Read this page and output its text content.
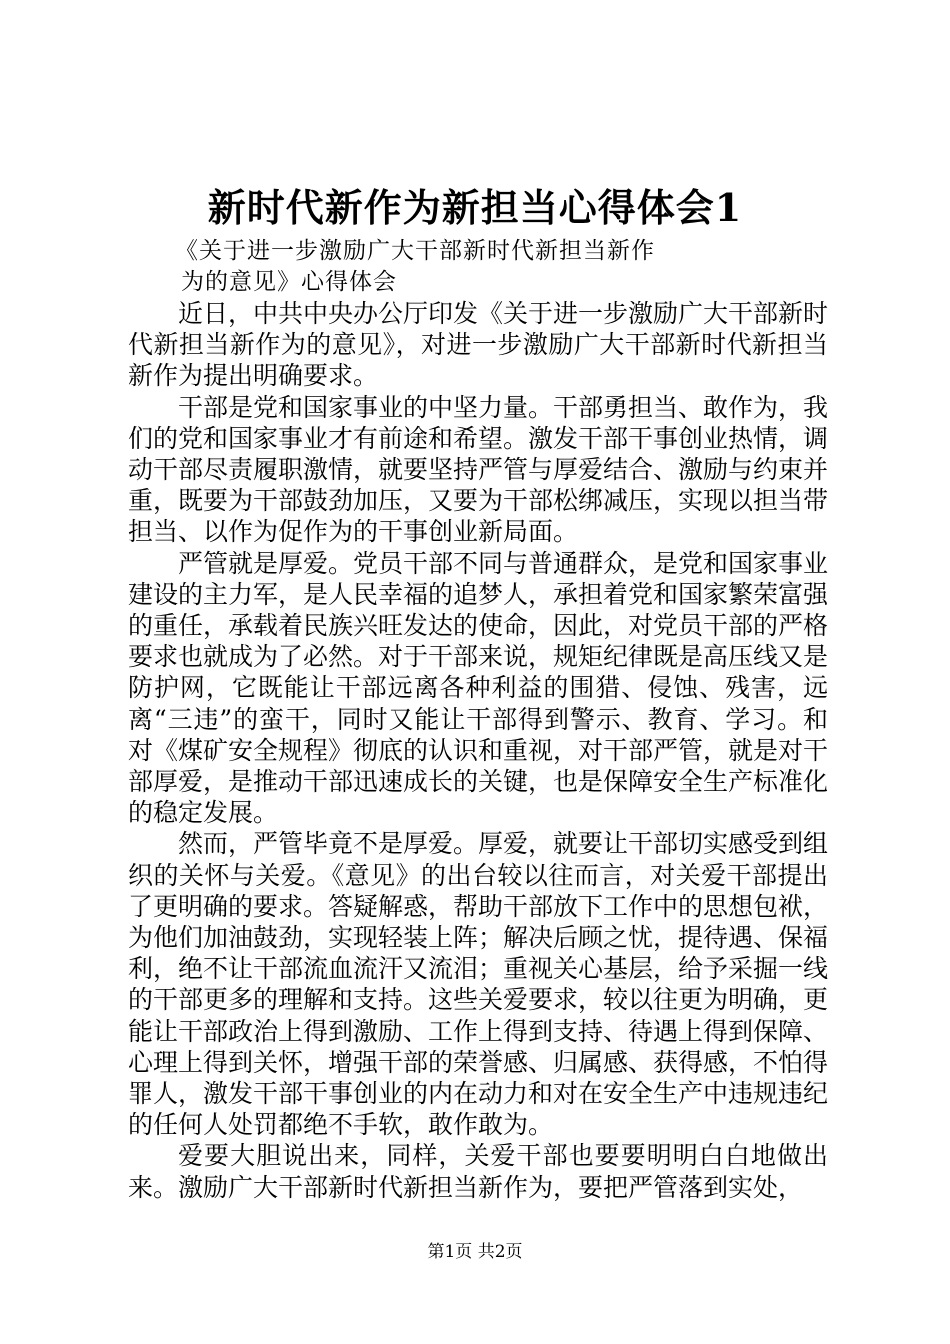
新时代新作为新担当心得体会1
《关于进一步激励广大干部新时代新担当新作
为的意见》心得体会

近日，中共中央办公厅印发《关于进一步激励广大干部新时代新担当新作为的意见》，对进一步激励广大干部新时代新担当新作为提出明确要求。

干部是党和国家事业的中坚力量。干部勇担当、敢作为，我们的党和国家事业才有前途和希望。激发干部干事创业热情，调动干部尽责履职激情，就要坚持严管与厚爱结合、激励与约束并重，既要为干部鼓劲加压，又要为干部松绑减压，实现以担当带担当、以作为促作为的干事创业新局面。

严管就是厚爱。党员干部不同与普通群众，是党和国家事业建设的主力军，是人民幸福的追梦人，承担着党和国家繁荣富强的重任，承载着民族兴旺发达的使命，因此，对党员干部的严格要求也就成为了必然。对于干部来说，规矩纪律既是高压线又是防护网，它既能让干部远离各种利益的围猎、侵蚀、残害，远离“三违”的蛮干，同时又能让干部得到警示、教育、学习。和对《煤矿安全规程》彻底的认识和重视，对干部严管，就是对干部厚爱，是推动干部迅速成长的关键，也是保障安全生产标准化的稳定发展。

然而，严管毕竟不是厚爱。厚爱，就要让干部切实感受到组织的关怀与关爱。《意见》的出台较以往而言，对关爱干部提出了更明确的要求。答疑解惑，帮助干部放下工作中的思想包袱，为他们加油鼓劲，实现轻装上阵；解决后顾之忧，提待遇、保福利，绝不让干部流血流汗又流泪；重视关心基层，给予采掘一线的干部更多的理解和支持。这些关爱要求，较以往更为明确，更能让干部政治上得到激励、工作上得到支持、待遇上得到保障、心理上得到关怀，增强干部的荣誉感、归属感、获得感，不怕得罪人，激发干部干事创业的内在动力和对在安全生产中违规违纪的任何人处罚都绝不手软，敢作敢为。

爱要大胆说出来，同样，关爱干部也要要明明白白地做出来。激励广大干部新时代新担当新作为，要把严管落到实处，

第1页 共2页
